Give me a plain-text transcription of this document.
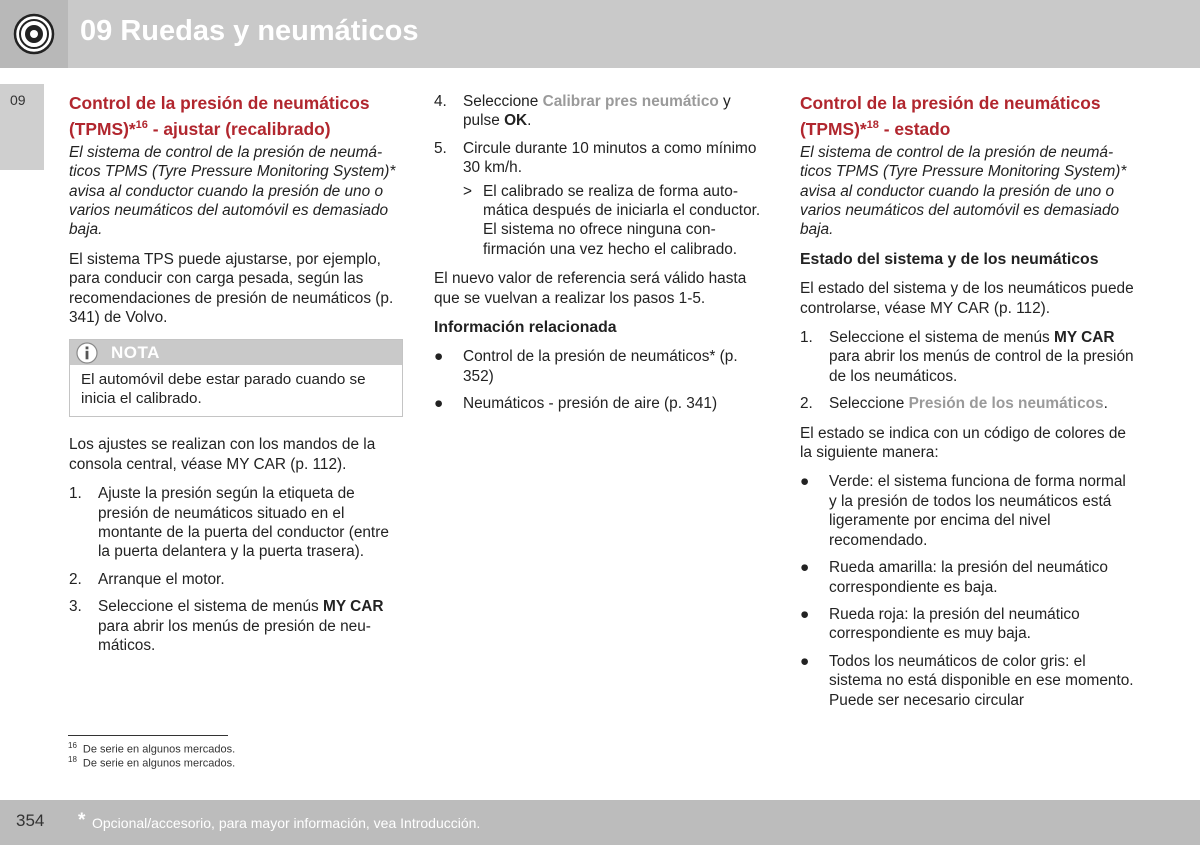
09 Ruedas y neumáticos
09 Control de la presión de neumáticos
(TPMS)*$^{16}$ - ajustar (recalibrado)

El sistema de control de la presión de neumáticos TPMS (Tyre Pressure Monitoring System)* avisa al conductor cuando la presión de uno o varios neumáticos del automóvil es demasiado baja.

El sistema TPS puede ajustarse, por ejemplo, para conducir con carga pesada, según las recomendaciones de presión de neumáticos (p. 341) de Volvo.

NOTA
El automóvil debe estar parado cuando se inicia el calibrado.

Los ajustes se realizan con los mandos de la consola central, véase MY CAR (p. 112).

1. Ajuste la presión según la etiqueta de presión de neumáticos situado en el montante de la puerta del conductor (entre la puerta delantera y la puerta trasera).
2. Arranque el motor.
3. Seleccione el sistema de menús MY CAR para abrir los menús de presión de neumáticos.
4. Seleccione Calibrar pres neumático y pulse OK.
5. Circule durante 10 minutos a como mínimo 30 km/h.
> El calibrado se realiza de forma automática después de iniciarla el conductor. El sistema no ofrece ninguna confirmación una vez hecho el calibrado.

El nuevo valor de referencia será válido hasta que se vuelvan a realizar los pasos 1-5.

Información relacionada

● Control de la presión de neumáticos* (p. 352)
● Neumáticos - presión de aire (p. 341)
Control de la presión de neumáticos
(TPMS)*$^{18}$ - estado

El sistema de control de la presión de neumáticos TPMS (Tyre Pressure Monitoring System)* avisa al conductor cuando la presión de uno o varios neumáticos del automóvil es demasiado baja.

Estado del sistema y de los neumáticos

El estado del sistema y de los neumáticos puede controlarse, véase MY CAR (p. 112).

1. Seleccione el sistema de menús MY CAR para abrir los menús de control de la presión de los neumáticos.
2. Seleccione Presión de los neumáticos.

El estado se indica con un código de colores de la siguiente manera:

● Verde: el sistema funciona de forma normal y la presión de todos los neumáticos está ligeramente por encima del nivel recomendado.
● Rueda amarilla: la presión del neumático correspondiente es baja.
● Rueda roja: la presión del neumático correspondiente es muy baja.
● Todos los neumáticos de color gris: el sistema no está disponible en ese momento. Puede ser necesario circular
$^{16}$ De serie en algunos mercados.
$^{18}$ De serie en algunos mercados.
354 * Opcional/accesorio, para mayor información, vea Introducción.
